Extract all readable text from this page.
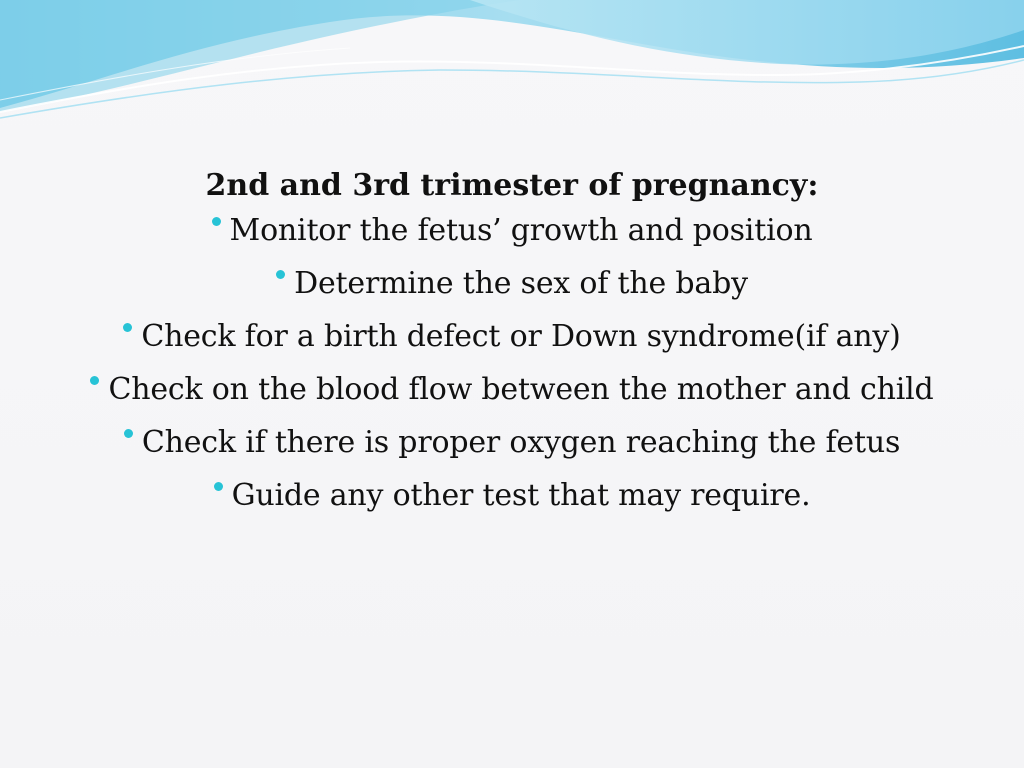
2nd and 3rd trimester of pregnancy:
Monitor the fetus’ growth and position
Determine the sex of the baby
Check for a birth defect or Down syndrome(if any)
Check on the blood flow between the mother and child
Check if there is proper oxygen reaching the fetus
Guide any other test that may require.
